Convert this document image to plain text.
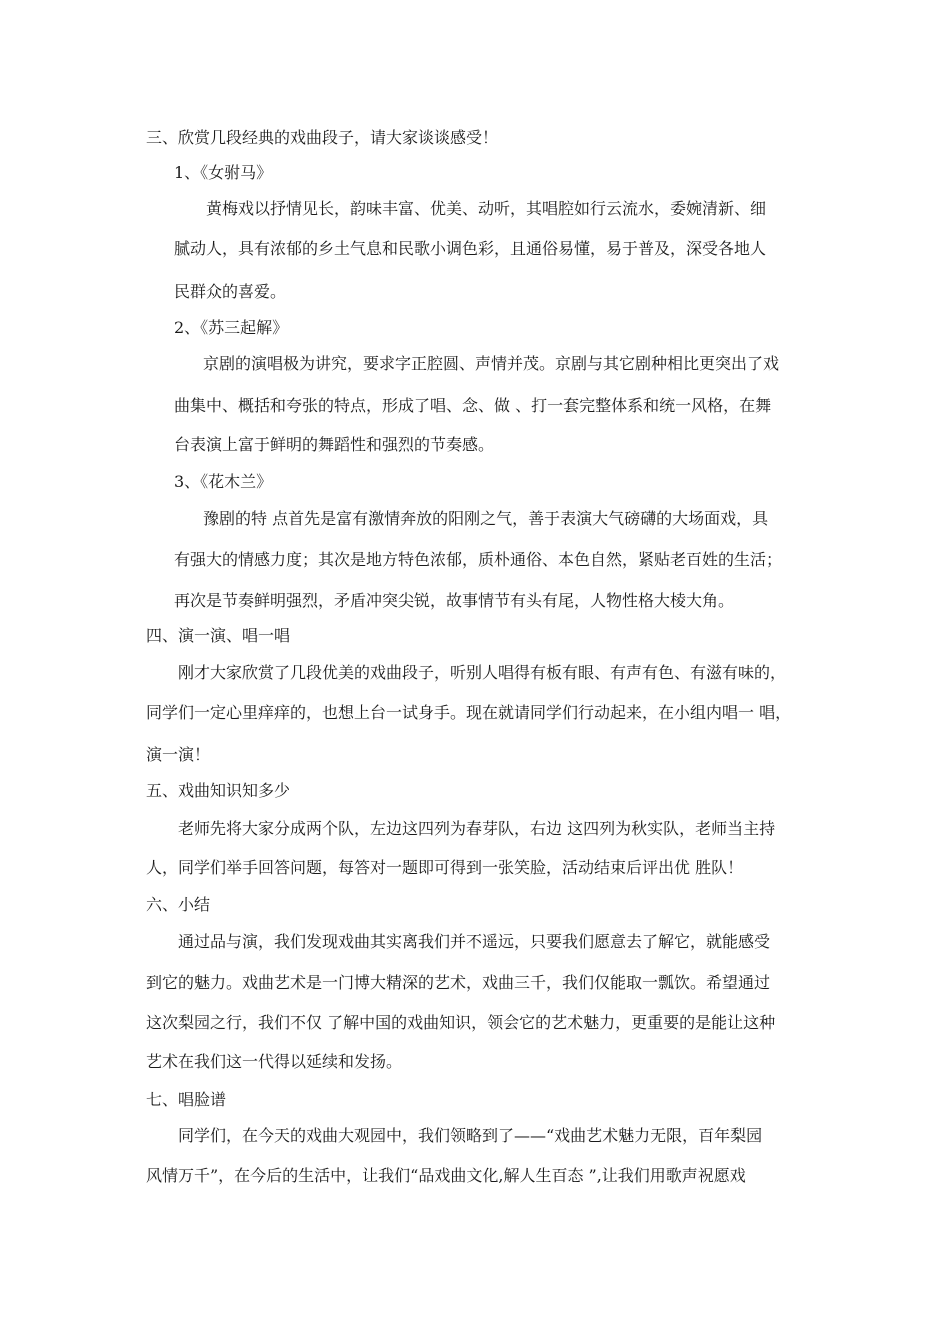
三、欣赏几段经典的戏曲段子，请大家谈谈感受！
1、《女驸马》
黄梅戏以抒情见长，韵味丰富、优美、动听，其唱腔如行云流水，委婉清新、细
腻动人，具有浓郁的乡土气息和民歌小调色彩，且通俗易懂，易于普及，深受各地人
民群众的喜爱。
2、《苏三起解》
京剧的演唱极为讲究，要求字正腔圆、声情并茂。京剧与其它剧种相比更突出了戏
曲集中、概括和夸张的特点，形成了唱、念、做 、打一套完整体系和统一风格，在舞
台表演上富于鲜明的舞蹈性和强烈的节奏感。
3、《花木兰》
豫剧的特 点首先是富有激情奔放的阳刚之气，善于表演大气磅礴的大场面戏，具
有强大的情感力度；其次是地方特色浓郁，质朴通俗、本色自然，紧贴老百姓的生活；
再次是节奏鲜明强烈，矛盾冲突尖锐，故事情节有头有尾，人物性格大棱大角。
四、演一演、唱一唱
刚才大家欣赏了几段优美的戏曲段子，听别人唱得有板有眼、有声有色、有滋有味的，
同学们一定心里痒痒的，也想上台一试身手。现在就请同学们行动起来，在小组内唱一 唱，
演一演！
五、戏曲知识知多少
老师先将大家分成两个队，左边这四列为春芽队，右边 这四列为秋实队，老师当主持
人，同学们举手回答问题，每答对一题即可得到一张笑脸，活动结束后评出优 胜队！
六、小结
通过品与演，我们发现戏曲其实离我们并不遥远，只要我们愿意去了解它，就能感受
到它的魅力。戏曲艺术是一门博大精深的艺术，戏曲三千，我们仅能取一瓢饮。希望通过
这次梨园之行，我们不仅 了解中国的戏曲知识，领会它的艺术魅力，更重要的是能让这种
艺术在我们这一代得以延续和发扬。
七、唱脸谱
同学们，在今天的戏曲大观园中，我们领略到了——“戏曲艺术魅力无限，百年梨园
风情万千”，在今后的生活中，让我们“品戏曲文化,解人生百态 ”,让我们用歌声祝愿戏
